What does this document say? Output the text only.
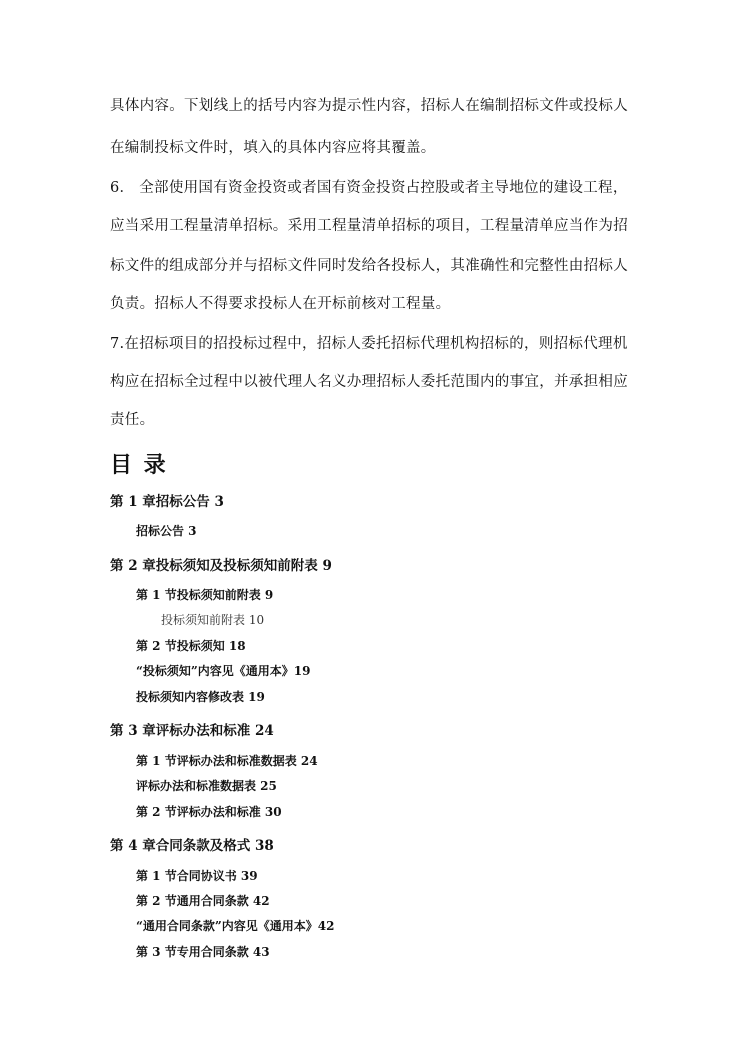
具体内容。下划线上的括号内容为提示性内容，招标人在编制招标文件或投标人
在编制投标文件时，填入的具体内容应将其覆盖。
6． 全部使用国有资金投资或者国有资金投资占控股或者主导地位的建设工程，
应当采用工程量清单招标。采用工程量清单招标的项目，工程量清单应当作为招
标文件的组成部分并与招标文件同时发给各投标人，其准确性和完整性由招标人
负责。招标人不得要求投标人在开标前核对工程量。
7.在招标项目的招投标过程中，招标人委托招标代理机构招标的，则招标代理机
构应在招标全过程中以被代理人名义办理招标人委托范围内的事宜，并承担相应
责任。
目 录
第 1 章招标公告 3
招标公告 3
第 2 章投标须知及投标须知前附表 9
第 1 节投标须知前附表 9
投标须知前附表 10
第 2 节投标须知 18
“投标须知”内容见《通用本》19
投标须知内容修改表 19
第 3 章评标办法和标准 24
第 1 节评标办法和标准数据表 24
评标办法和标准数据表 25
第 2 节评标办法和标准 30
第 4 章合同条款及格式 38
第 1 节合同协议书 39
第 2 节通用合同条款 42
“通用合同条款”内容见《通用本》42
第 3 节专用合同条款 43
